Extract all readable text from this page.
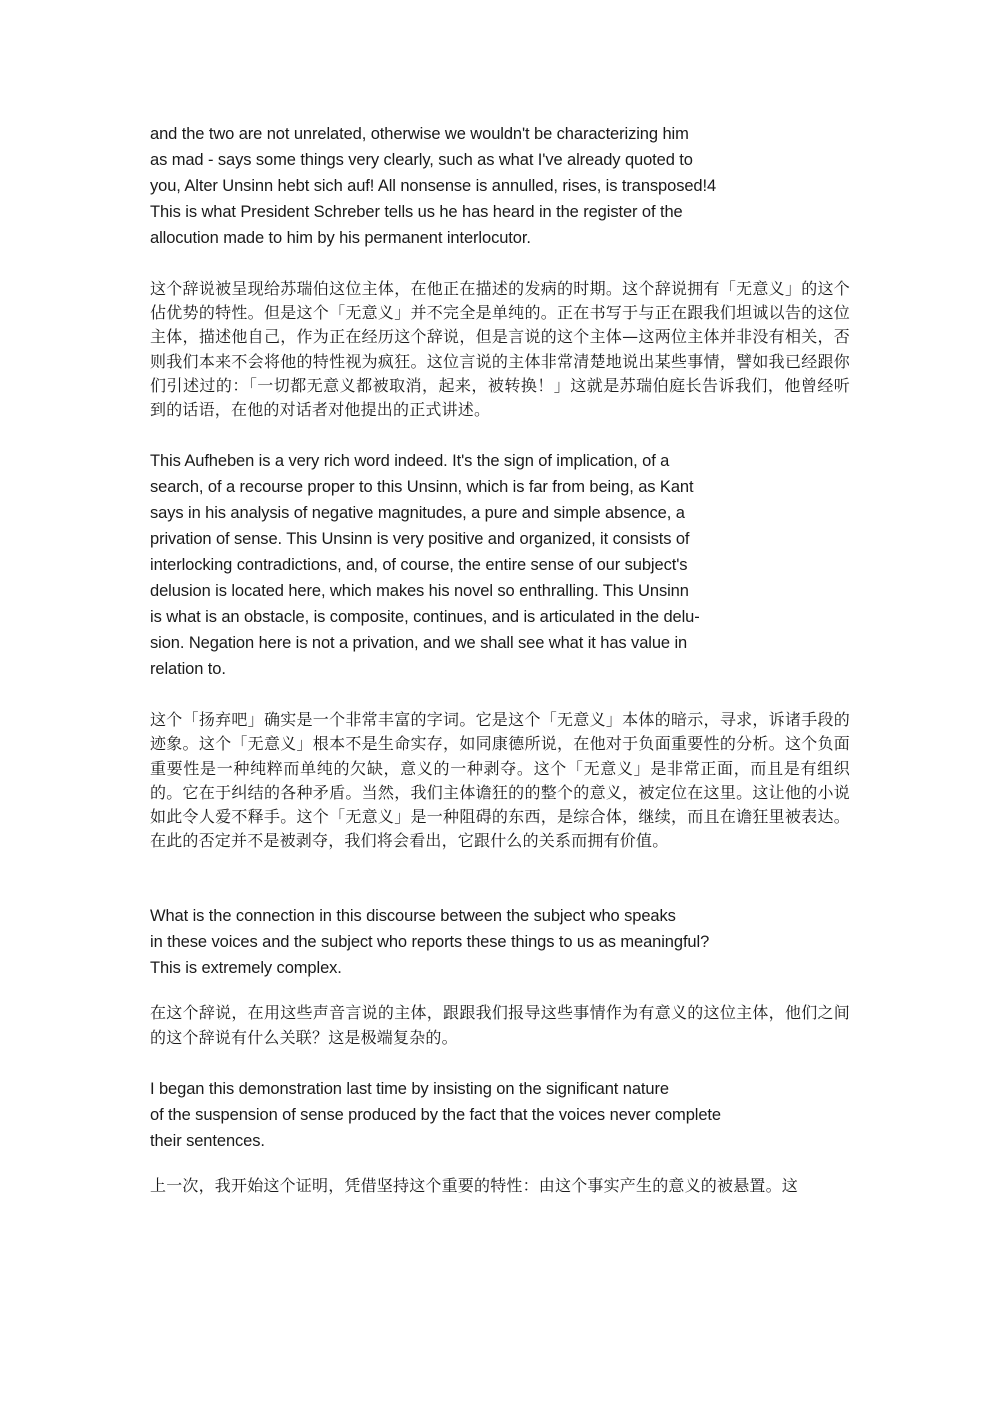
and the two are not unrelated, otherwise we wouldn't be characterizing him
as mad - says some things very clearly, such as what I've already quoted to
you, Alter Unsinn hebt sich auf! All nonsense is annulled, rises, is transposed!4
This is what President Schreber tells us he has heard in the register of the
allocution made to him by his permanent interlocutor.

这个辞说被呈现给苏瑞伯这位主体，在他正在描述的发病的时期。这个辞说拥有「无意义」的这个佔优势的特性。但是这个「无意义」并不完全是单纯的。正在书写于与正在跟我们坦诚以告的这位主体，描述他自己，作为正在经历这个辞说，但是言说的这个主体—这两位主体并非没有相关，否则我们本来不会将他的特性视为疯狂。这位言说的主体非常清楚地说出某些事情，譬如我已经跟你们引述过的：「一切都无意义都被取消，起来，被转换！」这就是苏瑞伯庭长告诉我们，他曾经听到的话语，在他的对话者对他提出的正式讲述。

This Aufheben is a very rich word indeed. It's the sign of implication, of a
search, of a recourse proper to this Unsinn, which is far from being, as Kant
says in his analysis of negative magnitudes, a pure and simple absence, a
privation of sense. This Unsinn is very positive and organized, it consists of
interlocking contradictions, and, of course, the entire sense of our subject's
delusion is located here, which makes his novel so enthralling. This Unsinn
is what is an obstacle, is composite, continues, and is articulated in the delu-
sion. Negation here is not a privation, and we shall see what it has value in
relation to.

这个「扬弃吧」确实是一个非常丰富的字词。它是这个「无意义」本体的暗示，寻求，诉诸手段的迹象。这个「无意义」根本不是生命实存，如同康德所说，在他对于负面重要性的分析。这个负面重要性是一种纯粹而单纯的欠缺，意义的一种剥夺。这个「无意义」是非常正面，而且是有组织的。它在于纠结的各种矛盾。当然，我们主体谵狂的的整个的意义，被定位在这里。这让他的小说如此令人爱不释手。这个「无意义」是一种阻碍的东西，是综合体，继续，而且在谵狂里被表达。在此的否定并不是被剥夺，我们将会看出，它跟什么的关系而拥有价值。

What is the connection in this discourse between the subject who speaks
in these voices and the subject who reports these things to us as meaningful?
This is extremely complex.

在这个辞说，在用这些声音言说的主体，跟跟我们报导这些事情作为有意义的这位主体，他们之间的这个辞说有什么关联？这是极端复杂的。

I began this demonstration last time by insisting on the significant nature
of the suspension of sense produced by the fact that the voices never complete
their sentences.

上一次，我开始这个证明，凭借坚持这个重要的特性：由这个事实产生的意义的被悬置。这
